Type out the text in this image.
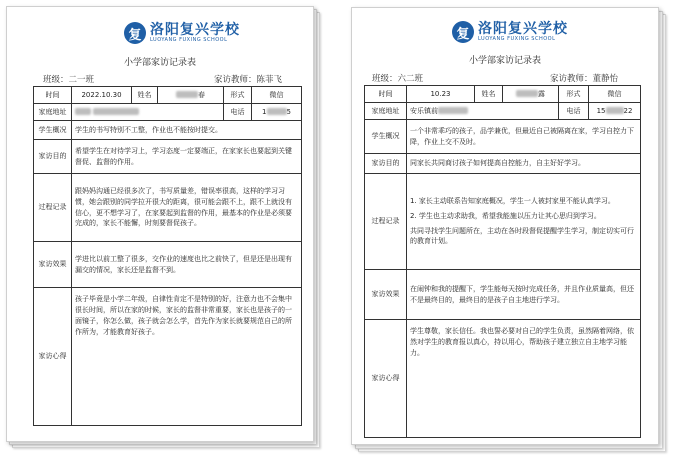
复 洛阳复兴学校
LUOYANG FUXING SCHOOL
小学部家访记录表
班级：二一班	家访教师：陈菲飞
时间	2022.10.30	姓名	春	形式	微信
家庭地址				电话	1 5
学生概况	学生的书写特别不工整，作业也不能按时提交。				
家访目的	希望学生在对待学习上，学习态度一定要端正，在家家长也要起到关键督促、监督的作用。				
过程记录	跟妈妈沟通已经很多次了，书写质量差，错误率很高，这样的学习习惯，她会跟别的同学拉开很大的距离，很可能会跟不上，跟不上就没有信心，更不想学习了，在家要起到监督的作用，最基本的作业是必须要完成的，家长不能懈，时刻要督促孩子。				
家访效果	学进比以前工整了很多，交作业的速度也比之前快了，但是还是出现有漏交的情况，家长还是监督不到。				
家访心得	孩子毕竟是小学二年级，自律性肯定不是特别的好，注意力也不会集中很长时间，所以在家的时候，家长的监督非常重要，家长也是孩子的一面镜子，你怎么做，孩子就会怎么学，首先作为家长就要规范自己的所作所为，才能教育好孩子。				
复 洛阳复兴学校
LUOYANG FUXING SCHOOL
小学部家访记录表
班级：六二班	家访教师：董静怡
时间	10.23	姓名	露	形式	微信
家庭地址	安乐镇前			电话	15 22
学生概况	一个非常乖巧的孩子，品学兼优，但最近自己被隔离在家，学习自控力下降，作业上交不及时。				
家访目的	同家长共同商讨孩子如何提高自控能力，自主好好学习。				
过程记录	1. 家长主动联系告知家庭概况，学生一人被封家里不能认真学习。
2. 学生也主动求助我，希望我能施以压力让其心思归到学习。
共同寻找学生问题所在，主动在各时段督促提醒学生学习，制定切实可行的教育计划。				

家访效果	在闹钟和我的提醒下，学生能每天按时完成任务，并且作业质量高，但还不是最终目的，最终目的是孩子自主地进行学习。				
家访心得	学生尊敬，家长信任。我也誓必要对自己的学生负责，虽然隔着网络，依然对学生的教育报以真心，持以用心，帮助孩子建立独立自主地学习能力。				
